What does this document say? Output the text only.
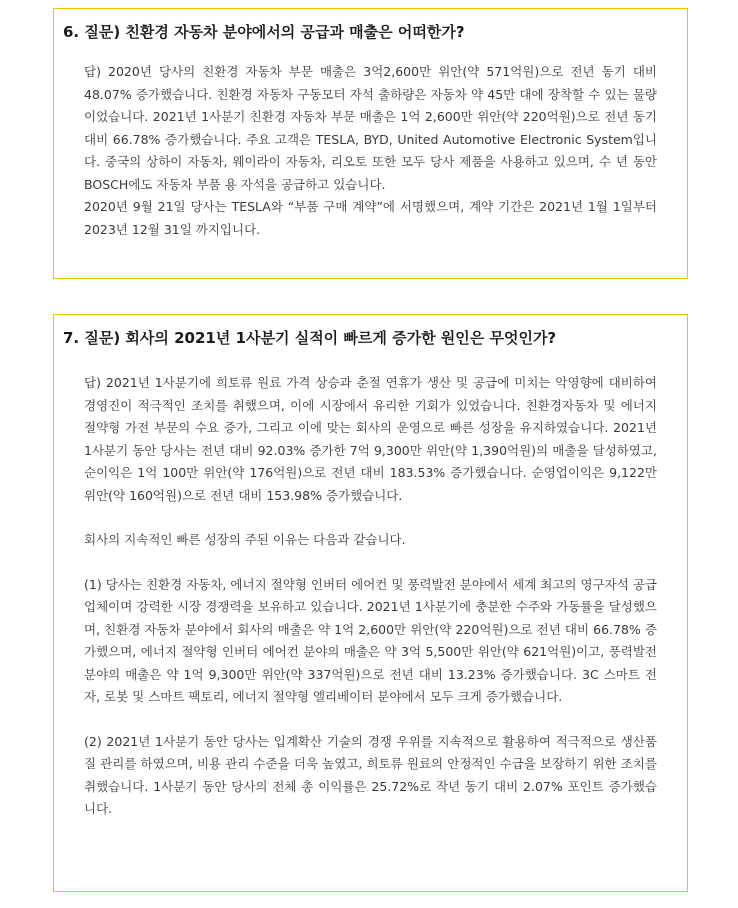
6. 질문) 친환경 자동차 분야에서의 공급과 매출은 어떠한가?

답) 2020년 당사의 친환경 자동차 부문 매출은 3억2,600만 위안(약 571억원)으로 전년 동기 대비 48.07% 증가했습니다. 친환경 자동차 구동모터 자석 출하량은 자동차 약 45만 대에 장착할 수 있는 물량이었습니다. 2021년 1사분기 친환경 자동차 부문 매출은 1억 2,600만 위안(약 220억원)으로 전년 동기 대비 66.78% 증가했습니다. 주요 고객은 TESLA, BYD, United Automotive Electronic System입니다. 중국의 상하이 자동차, 웨이라이 자동차, 리오토 또한 모두 당사 제품을 사용하고 있으며, 수 년 동안 BOSCH에도 자동차 부품 용 자석을 공급하고 있습니다.

2020년 9월 21일 당사는 TESLA와 “부품 구매 계약”에 서명했으며, 계약 기간은 2021년 1월 1일부터 2023년 12월 31일 까지입니다.

7. 질문) 회사의 2021년 1사분기 실적이 빠르게 증가한 원인은 무엇인가?

답) 2021년 1사분기에 희토류 원료 가격 상승과 춘절 연휴가 생산 및 공급에 미치는 악영향에 대비하여 경영진이 적극적인 조치를 취했으며, 이에 시장에서 유리한 기회가 있었습니다. 친환경자동차 및 에너지 절약형 가전 부문의 수요 증가, 그리고 이에 맞는 회사의 운영으로 빠른 성장을 유지하였습니다. 2021년 1사분기 동안 당사는 전년 대비 92.03% 증가한 7억 9,300만 위안(약 1,390억원)의 매출을 달성하였고, 순이익은 1억 100만 위안(약 176억원)으로 전년 대비 183.53% 증가했습니다. 순영업이익은 9,122만 위안(약 160억원)으로 전년 대비 153.98% 증가했습니다.

회사의 지속적인 빠른 성장의 주된 이유는 다음과 같습니다.

(1) 당사는 친환경 자동차, 에너지 절약형 인버터 에어컨 및 풍력발전 분야에서 세계 최고의 영구자석 공급업체이며 강력한 시장 경쟁력을 보유하고 있습니다. 2021년 1사분기에 충분한 수주와 가동률을 달성했으며, 친환경 자동차 분야에서 회사의 매출은 약 1억 2,600만 위안(약 220억원)으로 전년 대비 66.78% 증가했으며, 에너지 절약형 인버터 에어컨 분야의 매출은 약 3억 5,500만 위안(약 621억원)이고, 풍력발전 분야의 매출은 약 1억 9,300만 위안(약 337억원)으로 전년 대비 13.23% 증가했습니다. 3C 스마트 전자, 로봇 및 스마트 팩토리, 에너지 절약형 엘리베이터 분야에서 모두 크게 증가했습니다.

(2) 2021년 1사분기 동안 당사는 입계확산 기술의 경쟁 우위를 지속적으로 활용하여 적극적으로 생산품질 관리를 하였으며, 비용 관리 수준을 더욱 높였고, 희토류 원료의 안정적인 수급을 보장하기 위한 조치를 취했습니다. 1사분기 동안 당사의 전체 총 이익률은 25.72%로 작년 동기 대비 2.07% 포인트 증가했습니다.
